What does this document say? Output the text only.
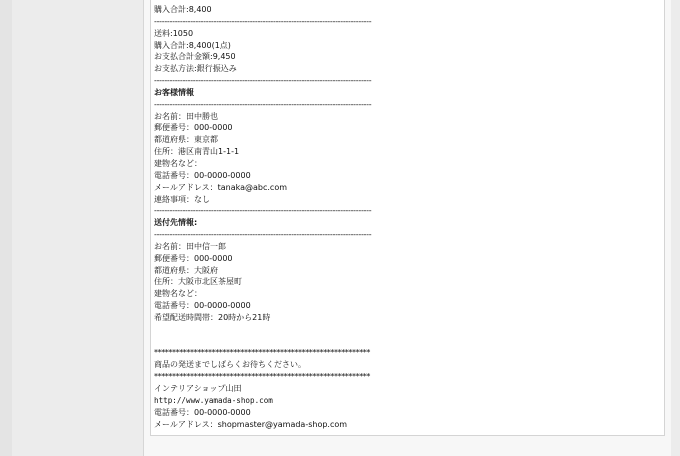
購入合計:8,400
------------------------------------------------------------------------------------
送料:1050
購入合計:8,400(1点)
お支払合計金額:9,450
お支払方法:銀行振込み
------------------------------------------------------------------------------------
お客様情報
------------------------------------------------------------------------------------
お名前：田中勝也
郵便番号：000-0000
都道府県：東京都
住所：港区南青山1-1-1
建物名など：
電話番号：00-0000-0000
メールアドレス：tanaka@abc.com
連絡事項：なし
------------------------------------------------------------------------------------
送付先情報:
------------------------------------------------------------------------------------
お名前：田中信一郎
郵便番号：000-0000
都道府県：大阪府
住所：大阪市北区茶屋町
建物名など：
電話番号：00-0000-0000
希望配送時間帯：20時から21時
************************************************************
商品の発送までしばらくお待ちください。
************************************************************
インテリアショップ山田
http://www.yamada-shop.com
電話番号：00-0000-0000
メールアドレス：shopmaster@yamada-shop.com
